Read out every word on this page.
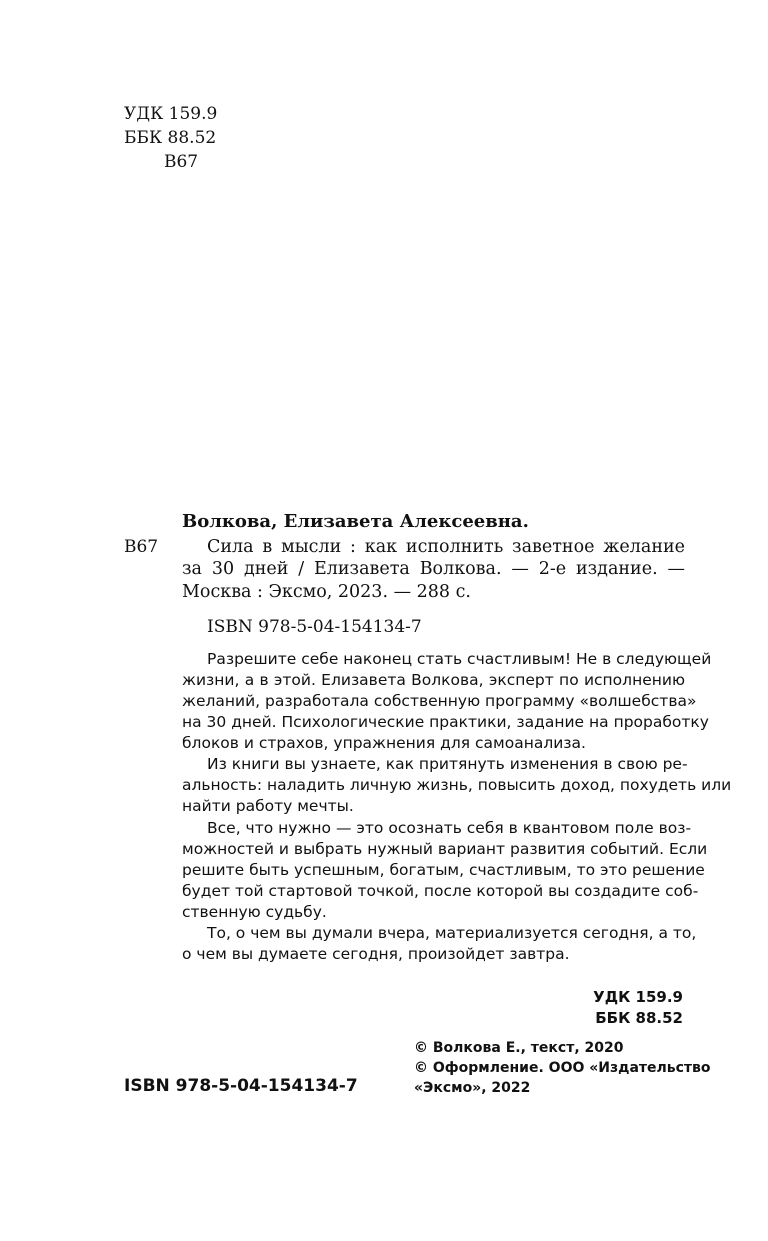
УДК 159.9
ББК 88.52
В67
Волкова, Елизавета Алексеевна.
В67	Сила в мысли : как исполнить заветное желание
за 30 дней / Елизавета Волкова. — 2-е издание. —
Москва : Эксмо, 2023. — 288 с.
ISBN 978-5-04-154134-7
Разрешите себе наконец стать счастливым! Не в следующей
жизни, а в этой. Елизавета Волкова, эксперт по исполнению
желаний, разработала собственную программу «волшебства»
на 30 дней. Психологические практики, задание на проработку
блоков и страхов, упражнения для самоанализа.
Из книги вы узнаете, как притянуть изменения в свою ре-
альность: наладить личную жизнь, повысить доход, похудеть или
найти работу мечты.
Все, что нужно — это осознать себя в квантовом поле воз-
можностей и выбрать нужный вариант развития событий. Если
решите быть успешным, богатым, счастливым, то это решение
будет той стартовой точкой, после которой вы создадите соб-
ственную судьбу.
То, о чем вы думали вчера, материализуется сегодня, а то,
о чем вы думаете сегодня, произойдет завтра.
УДК 159.9
ББК 88.52
© Волкова Е., текст, 2020
© Оформление. ООО «Издательство
«Эксмо», 2022
ISBN 978-5-04-154134-7
